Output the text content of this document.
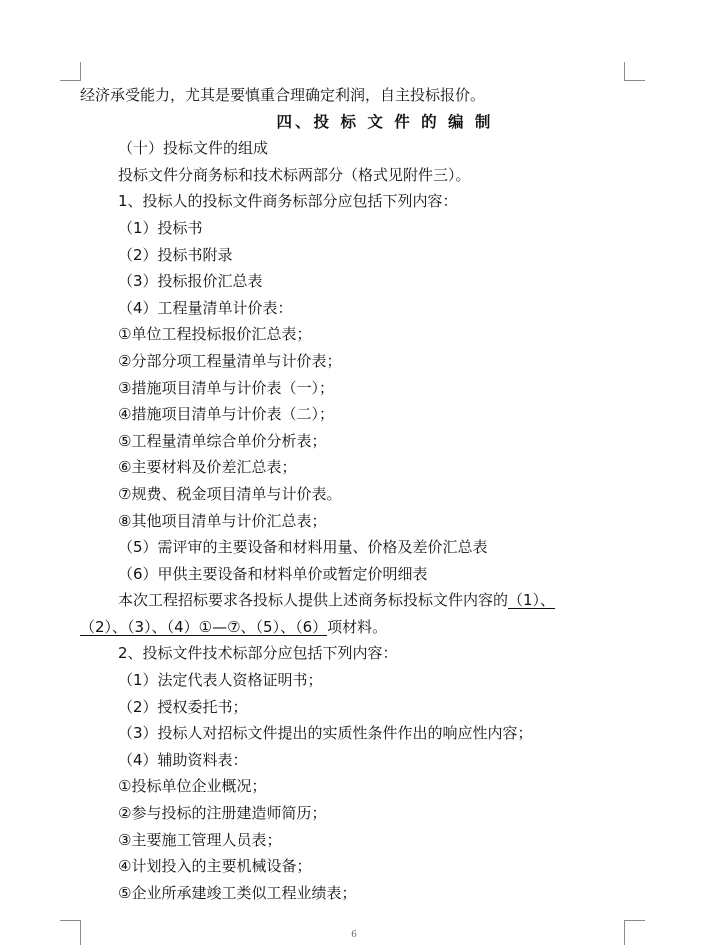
经济承受能力，尤其是要慎重合理确定利润，自主投标报价。
四、投 标 文 件 的 编 制
（十）投标文件的组成
投标文件分商务标和技术标两部分（格式见附件三）。
1、投标人的投标文件商务标部分应包括下列内容：
（1）投标书
（2）投标书附录
（3）投标报价汇总表
（4）工程量清单计价表：
①单位工程投标报价汇总表；
②分部分项工程量清单与计价表；
③措施项目清单与计价表（一）；
④措施项目清单与计价表（二）；
⑤工程量清单综合单价分析表；
⑥主要材料及价差汇总表；
⑦规费、税金项目清单与计价表。
⑧其他项目清单与计价汇总表；
（5）需评审的主要设备和材料用量、价格及差价汇总表
（6）甲供主要设备和材料单价或暂定价明细表
本次工程招标要求各投标人提供上述商务标投标文件内容的（1）、
（2）、（3）、（4）①—⑦、（5）、（6）项材料。
2、投标文件技术标部分应包括下列内容：
（1）法定代表人资格证明书；
（2）授权委托书；
（3）投标人对招标文件提出的实质性条件作出的响应性内容；
（4）辅助资料表：
①投标单位企业概况；
②参与投标的注册建造师简历；
③主要施工管理人员表；
④计划投入的主要机械设备；
⑤企业所承建竣工类似工程业绩表；
6
